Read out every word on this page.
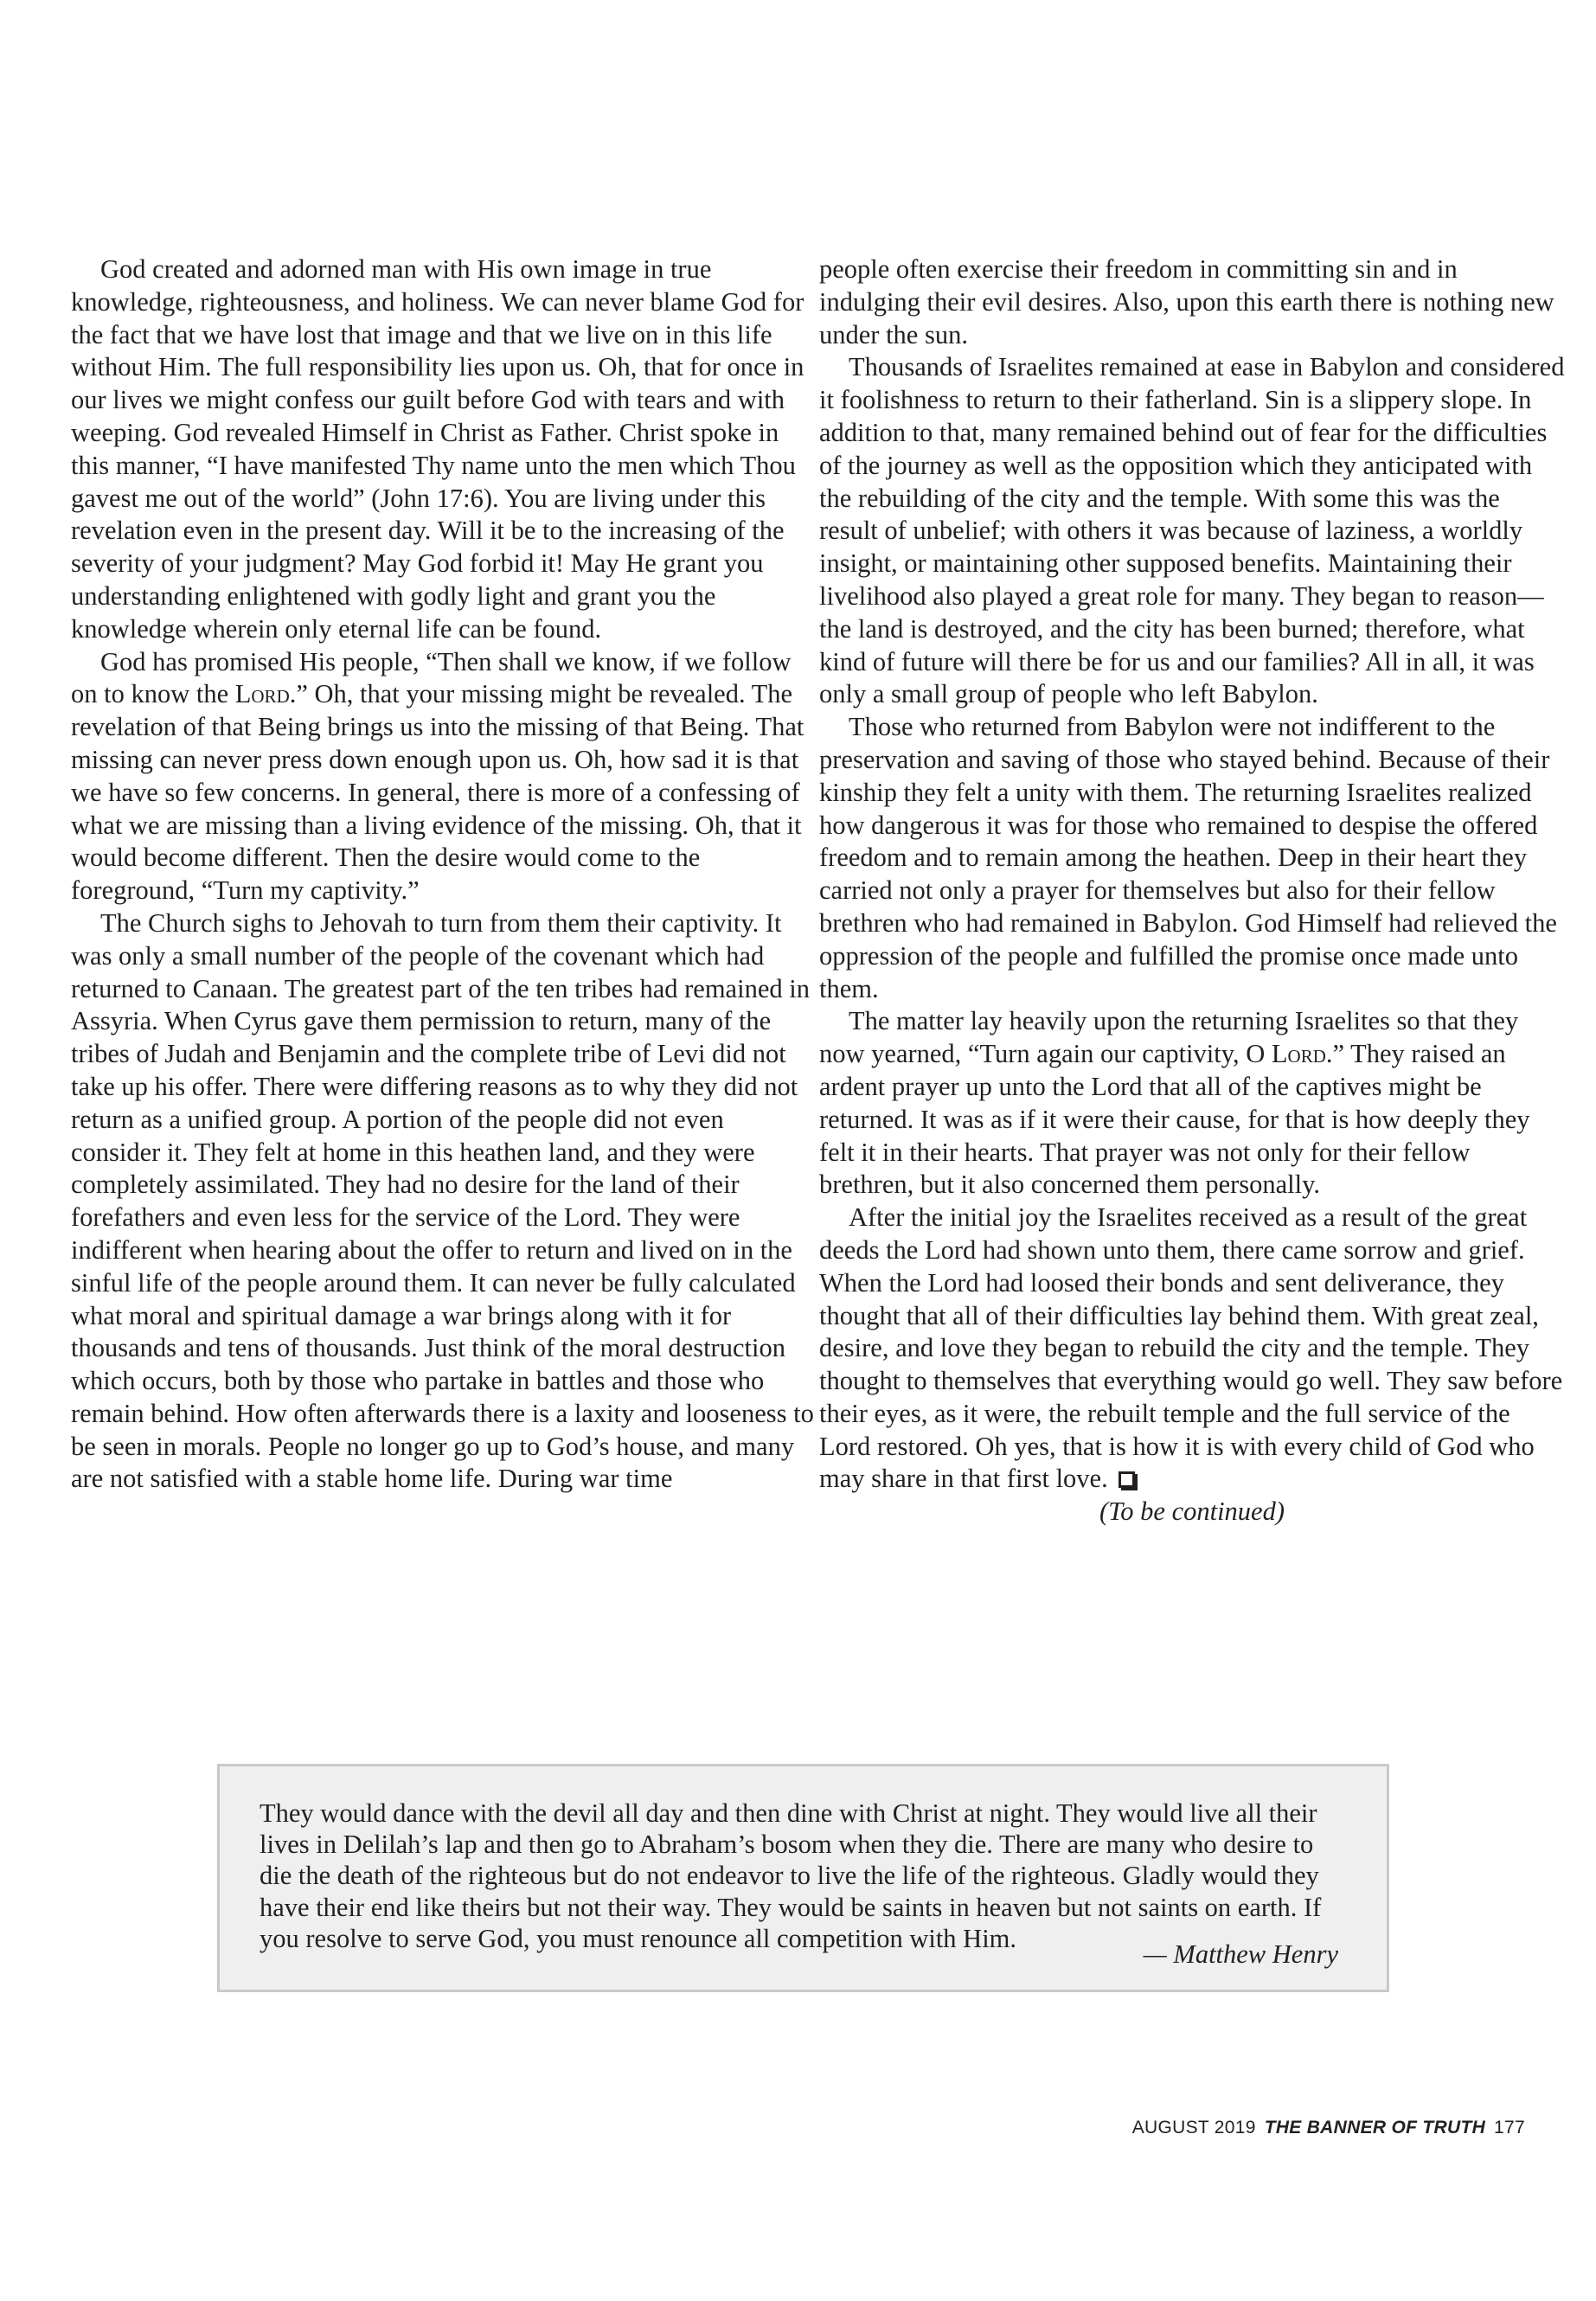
God created and adorned man with His own image in true knowledge, righteousness, and holiness. We can never blame God for the fact that we have lost that image and that we live on in this life without Him. The full responsibility lies upon us. Oh, that for once in our lives we might confess our guilt before God with tears and with weeping. God revealed Himself in Christ as Father. Christ spoke in this manner, “I have manifested Thy name unto the men which Thou gavest me out of the world” (John 17:6). You are living under this revelation even in the present day. Will it be to the increasing of the severity of your judgment? May God forbid it! May He grant you understanding enlightened with godly light and grant you the knowledge wherein only eternal life can be found.

God has promised His people, “Then shall we know, if we follow on to know the Lord.” Oh, that your missing might be revealed. The revelation of that Being brings us into the missing of that Being. That missing can never press down enough upon us. Oh, how sad it is that we have so few concerns. In general, there is more of a confessing of what we are missing than a living evidence of the missing. Oh, that it would become different. Then the desire would come to the foreground, “Turn my captivity.”

The Church sighs to Jehovah to turn from them their captivity. It was only a small number of the people of the covenant which had returned to Canaan. The greatest part of the ten tribes had remained in Assyria. When Cyrus gave them permission to return, many of the tribes of Judah and Benjamin and the complete tribe of Levi did not take up his offer. There were differing reasons as to why they did not return as a unified group. A portion of the people did not even consider it. They felt at home in this heathen land, and they were completely assimilated. They had no desire for the land of their forefathers and even less for the service of the Lord. They were indifferent when hearing about the offer to return and lived on in the sinful life of the people around them. It can never be fully calculated what moral and spiritual damage a war brings along with it for thousands and tens of thousands. Just think of the moral destruction which occurs, both by those who partake in battles and those who remain behind. How often afterwards there is a laxity and looseness to be seen in morals. People no longer go up to God’s house, and many are not satisfied with a stable home life. During war time

people often exercise their freedom in committing sin and in indulging their evil desires. Also, upon this earth there is nothing new under the sun.

Thousands of Israelites remained at ease in Babylon and considered it foolishness to return to their fatherland. Sin is a slippery slope. In addition to that, many remained behind out of fear for the difficulties of the journey as well as the opposition which they anticipated with the rebuilding of the city and the temple. With some this was the result of unbelief; with others it was because of laziness, a worldly insight, or maintaining other supposed benefits. Maintaining their livelihood also played a great role for many. They began to reason—the land is destroyed, and the city has been burned; therefore, what kind of future will there be for us and our families? All in all, it was only a small group of people who left Babylon.

Those who returned from Babylon were not indifferent to the preservation and saving of those who stayed behind. Because of their kinship they felt a unity with them. The returning Israelites realized how dangerous it was for those who remained to despise the offered freedom and to remain among the heathen. Deep in their heart they carried not only a prayer for themselves but also for their fellow brethren who had remained in Babylon. God Himself had relieved the oppression of the people and fulfilled the promise once made unto them.

The matter lay heavily upon the returning Israelites so that they now yearned, “Turn again our captivity, O Lord.” They raised an ardent prayer up unto the Lord that all of the captives might be returned. It was as if it were their cause, for that is how deeply they felt it in their hearts. That prayer was not only for their fellow brethren, but it also concerned them personally.

After the initial joy the Israelites received as a result of the great deeds the Lord had shown unto them, there came sorrow and grief. When the Lord had loosed their bonds and sent deliverance, they thought that all of their difficulties lay behind them. With great zeal, desire, and love they began to rebuild the city and the temple. They thought to themselves that everything would go well. They saw before their eyes, as it were, the rebuilt temple and the full service of the Lord restored. Oh yes, that is how it is with every child of God who may share in that first love.

(To be continued)

They would dance with the devil all day and then dine with Christ at night. They would live all their lives in Delilah’s lap and then go to Abraham’s bosom when they die. There are many who desire to die the death of the righteous but do not endeavor to live the life of the righteous. Gladly would they have their end like theirs but not their way. They would be saints in heaven but not saints on earth. If you resolve to serve God, you must renounce all competition with Him.
— Matthew Henry
AUGUST 2019 THE BANNER OF TRUTH 177
